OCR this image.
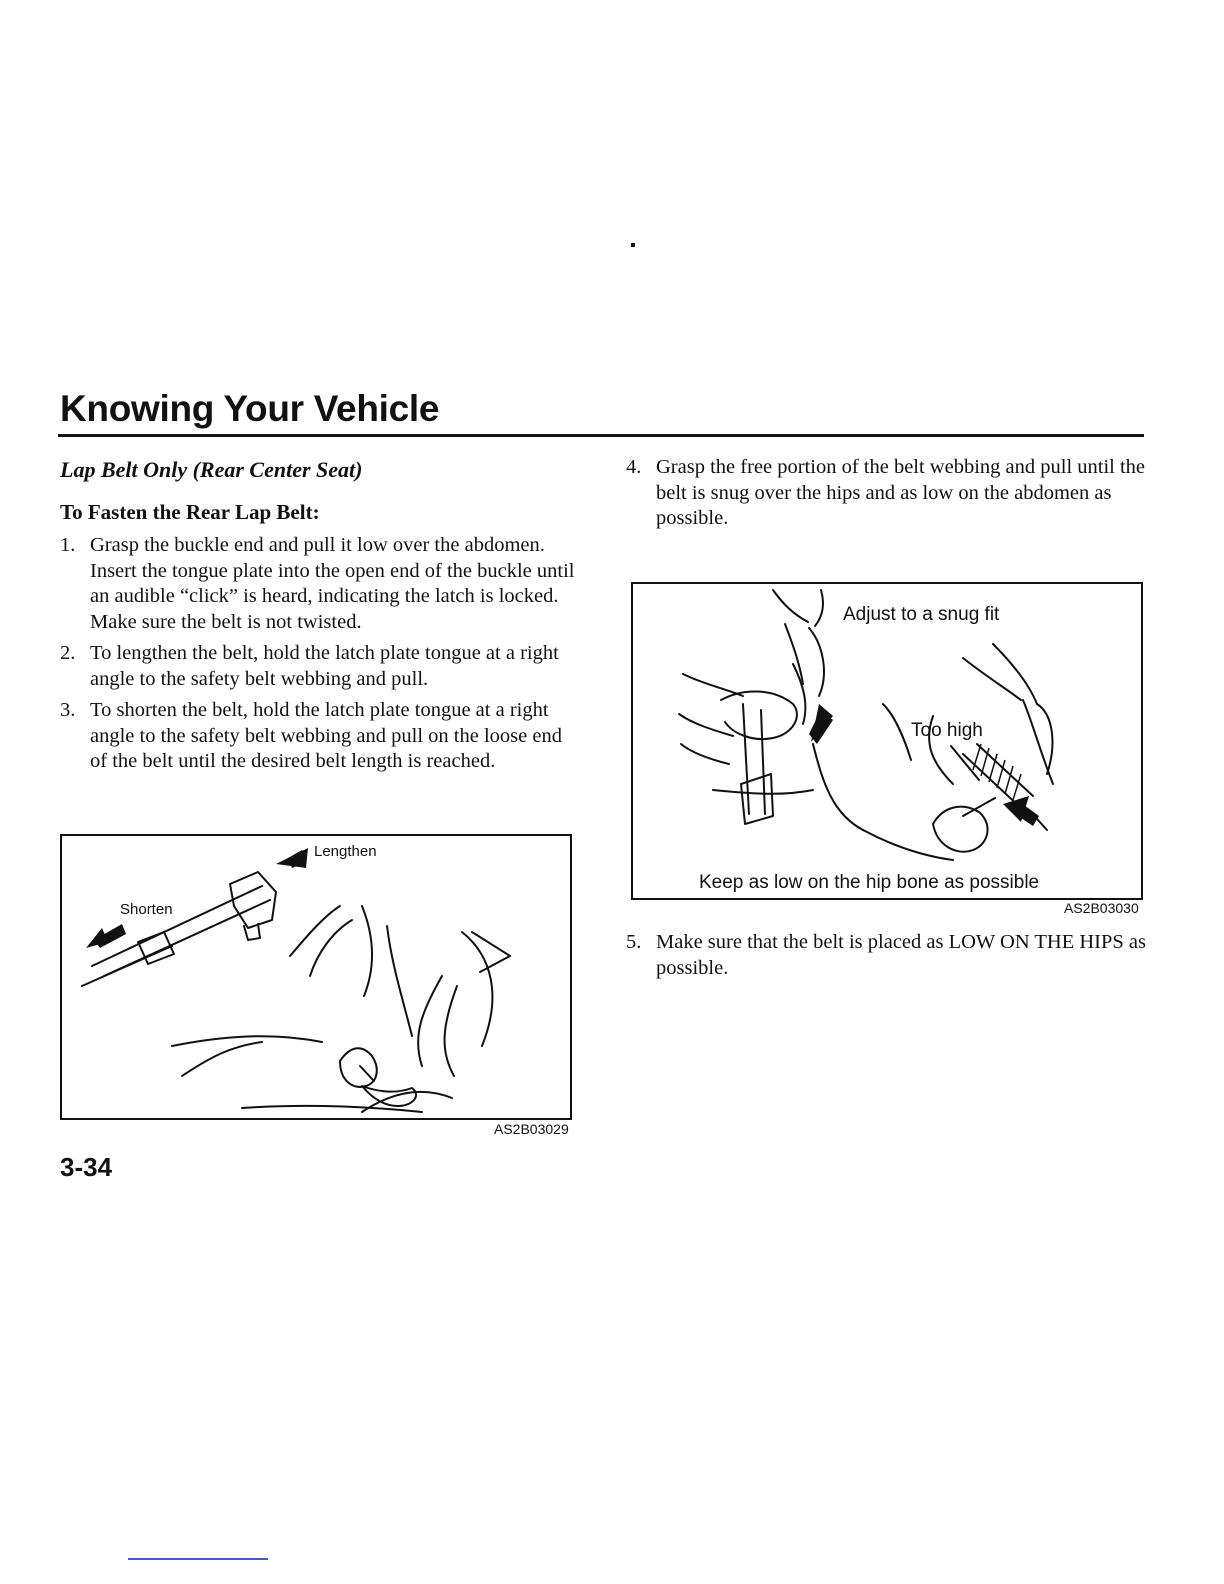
Knowing Your Vehicle
Lap Belt Only (Rear Center Seat)
To Fasten the Rear Lap Belt:
1. Grasp the buckle end and pull it low over the abdomen. Insert the tongue plate into the open end of the buckle until an audible “click” is heard, indicating the latch is locked. Make sure the belt is not twisted.
2. To lengthen the belt, hold the latch plate tongue at a right angle to the safety belt webbing and pull.
3. To shorten the belt, hold the latch plate tongue at a right angle to the safety belt webbing and pull on the loose end of the belt until the desired belt length is reached.
Lengthen
Shorten
AS2B03029
4. Grasp the free portion of the belt webbing and pull until the belt is snug over the hips and as low on the abdomen as possible.
Adjust to a snug fit
Too high
Keep as low on the hip bone as possible
AS2B03030
5. Make sure that the belt is placed as LOW ON THE HIPS as possible.
3-34
